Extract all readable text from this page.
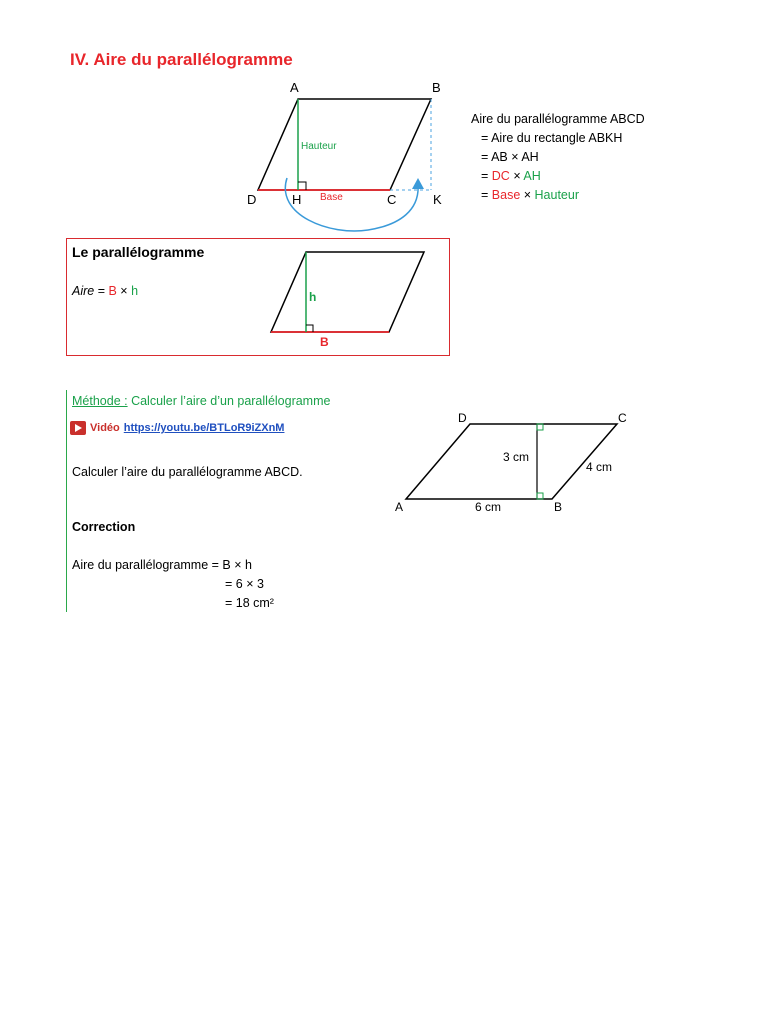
IV. Aire du parallélogramme
A	B
D	H	C	K
Hauteur
Base
Aire du parallélogramme ABCD
= Aire du rectangle ABKH
= AB × AH
= DC × AH
= Base × Hauteur
Le parallélogramme
Aire = B × h	h
B
Méthode : Calculer l’aire d’un parallélogramme
Vidéo https://youtu.be/BTLoR9iZXnM
Calculer l’aire du parallélogramme ABCD.
Correction
Aire du parallélogramme = B × h
= 6 × 3
= 18 cm²
D	C
A	B
3 cm
4 cm
6 cm
